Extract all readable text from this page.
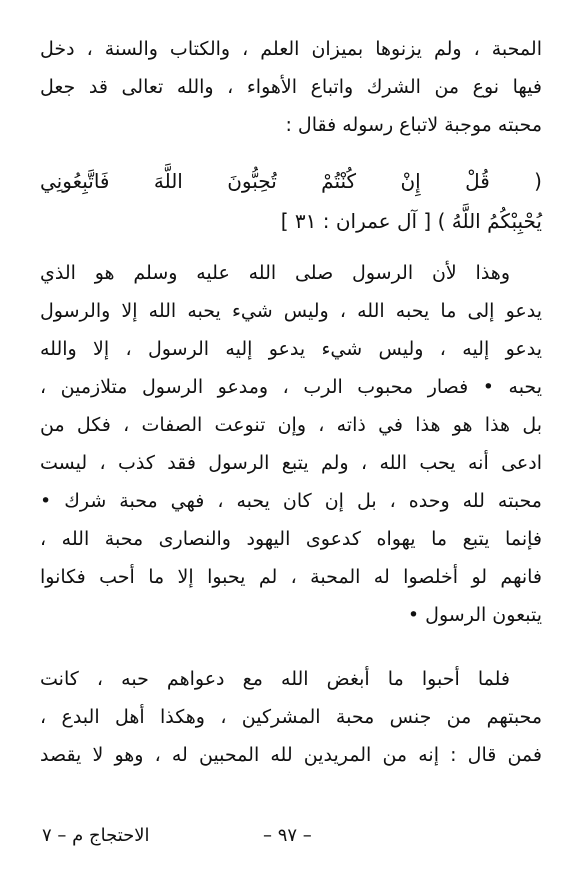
المحبة ، ولم يزنوها بميزان العلم ، والكتاب والسنة ، دخل
فيها نوع من الشرك واتباع الأهواء ، والله تعالى قد جعل
محبته موجبة لاتباع رسوله فقال :
( قُلْ إِنْ كُنْتُمْ تُحِبُّونَ اللَّهَ فَاتَّبِعُونِي
يُحْبِبْكُمُ اللَّهُ ) [ آل عمران : ٣١ ]
وهذا لأن الرسول صلى الله عليه وسلم هو الذي
يدعو إلى ما يحبه الله ، وليس شيء يحبه الله إلا والرسول
يدعو إليه ، وليس شيء يدعو إليه الرسول ، إلا والله
يحبه • فصار محبوب الرب ، ومدعو الرسول متلازمين ،
بل هذا هو هذا في ذاته ، وإن تنوعت الصفات ، فكل من
ادعى أنه يحب الله ، ولم يتبع الرسول فقد كذب ، ليست
محبته لله وحده ، بل إن كان يحبه ، فهي محبة شرك •
فإنما يتبع ما يهواه كدعوى اليهود والنصارى محبة الله ،
فانهم لو أخلصوا له المحبة ، لم يحبوا إلا ما أحب فكانوا
يتبعون الرسول •
فلما أحبوا ما أبغض الله مع دعواهم حبه ، كانت
محبتهم من جنس محبة المشركين ، وهكذا أهل البدع ،
فمن قال : إنه من المريدين لله المحبين له ، وهو لا يقصد
– ٩٧ –
الاحتجاج م – ٧
